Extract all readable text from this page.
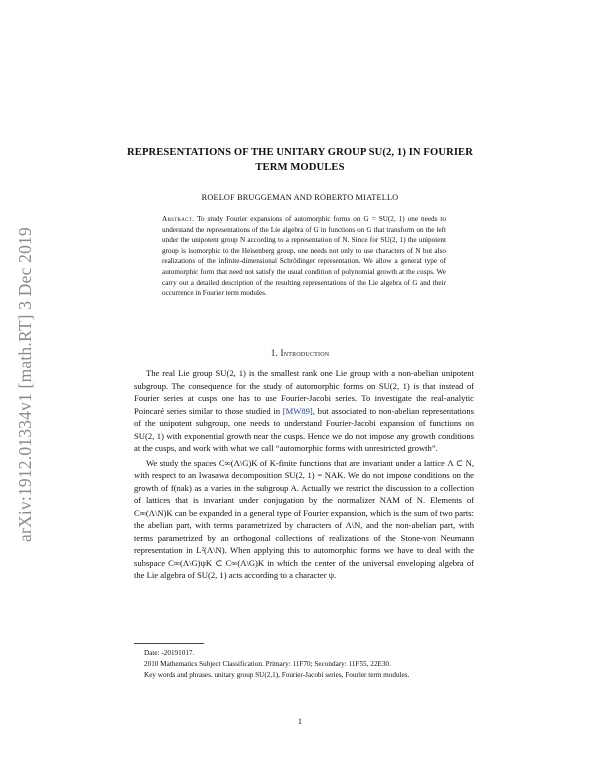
arXiv:1912.01334v1 [math.RT] 3 Dec 2019
REPRESENTATIONS OF THE UNITARY GROUP SU(2, 1) IN FOURIER TERM MODULES
ROELOF BRUGGEMAN AND ROBERTO MIATELLO
Abstract. To study Fourier expansions of automorphic forms on G = SU(2, 1) one needs to understand the representations of the Lie algebra of G in functions on G that transform on the left under the unipotent group N according to a representation of N. Since for SU(2, 1) the unipotent group is isomorphic to the Heisenberg group, one needs not only to use characters of N but also realizations of the infinite-dimensional Schrödinger representation. We allow a general type of automorphic form that need not satisfy the usual condition of polynomial growth at the cusps. We carry out a detailed description of the resulting representations of the Lie algebra of G and their occurrence in Fourier term modules.
1. Introduction

The real Lie group SU(2, 1) is the smallest rank one Lie group with a non-abelian unipotent subgroup. The consequence for the study of automorphic forms on SU(2, 1) is that instead of Fourier series at cusps one has to use Fourier-Jacobi series. To investigate the real-analytic Poincaré series similar to those studied in [MW89], but associated to non-abelian representations of the unipotent subgroup, one needs to understand Fourier-Jacobi expansion of functions on SU(2, 1) with exponential growth near the cusps. Hence we do not impose any growth conditions at the cusps, and work with what we call “automorphic forms with unrestricted growth”.

We study the spaces C∞(Λ\G)K of K-finite functions that are invariant under a lattice Λ ⊂ N, with respect to an Iwasawa decomposition SU(2, 1) = NAK. We do not impose conditions on the growth of f(nak) as a varies in the subgroup A. Actually we restrict the discussion to a collection of lattices that is invariant under conjugation by the normalizer NAM of N. Elements of C∞(Λ\N)K can be expanded in a general type of Fourier expansion, which is the sum of two parts: the abelian part, with terms parametrized by characters of Λ\N, and the non-abelian part, with terms parametrized by an orthogonal collections of realizations of the Stone-von Neumann representation in L²(Λ\N). When applying this to automorphic forms we have to deal with the subspace C∞(Λ\G)ψK ⊂ C∞(Λ\G)K in which the center of the universal enveloping algebra of the Lie algebra of SU(2, 1) acts according to a character ψ.

Date: -20191017.
2010 Mathematics Subject Classification. Primary: 11F70; Secondary: 11F55, 22E30.
Key words and phrases. unitary group SU(2,1), Fourier-Jacobi series, Fourier term modules.
1
